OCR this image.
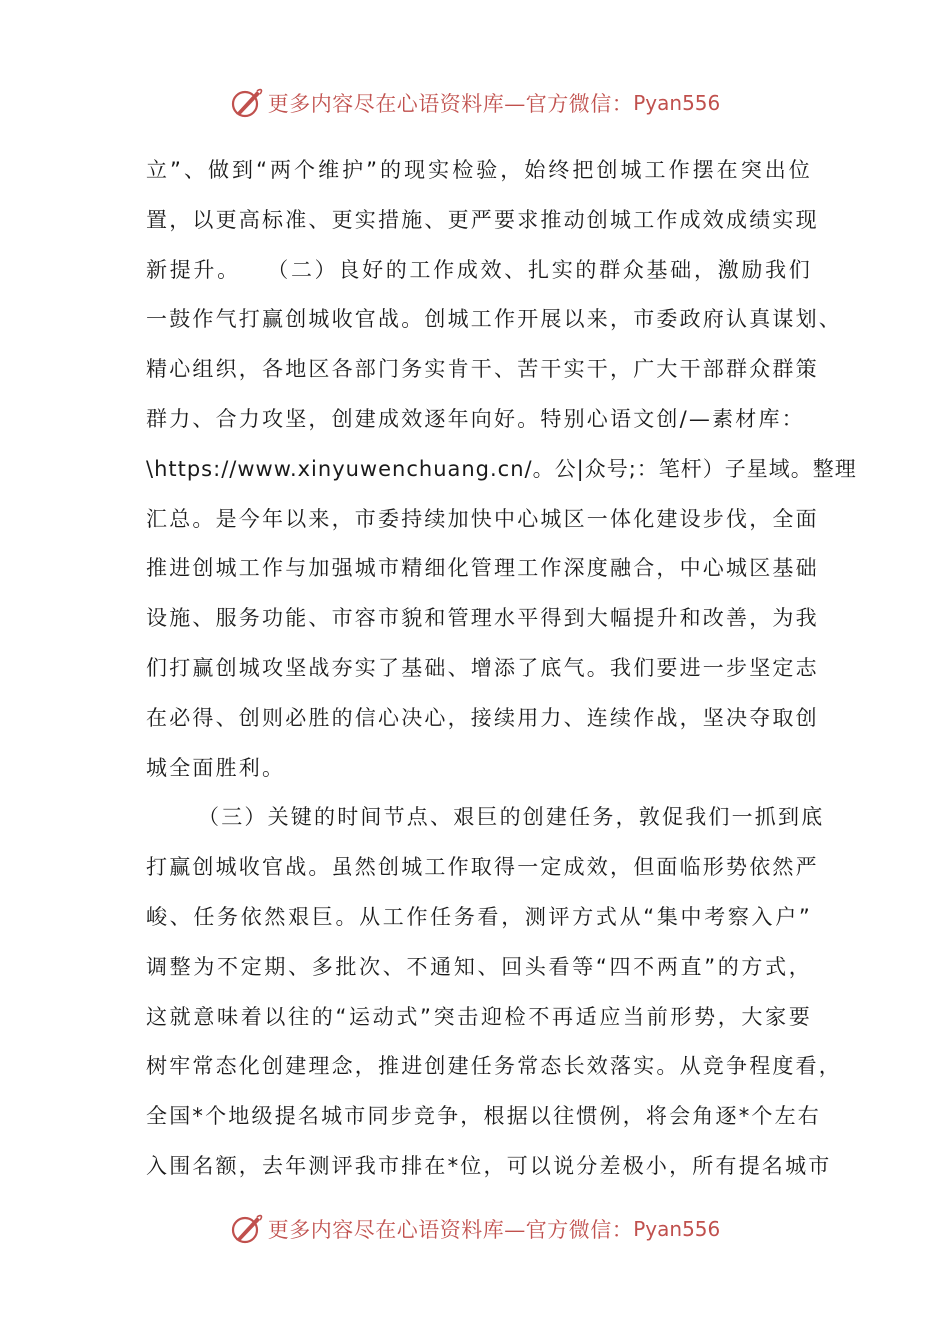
更多内容尽在心语资料库—官方微信： Pyan556
立”、做到“两个维护”的现实检验，始终把创城工作摆在突出位
置，以更高标准、更实措施、更严要求推动创城工作成效成绩实现
新提升。　　（二）良好的工作成效、扎实的群众基础，激励我们
一鼓作气打赢创城收官战。创城工作开展以来，市委政府认真谋划、
精心组织，各地区各部门务实肯干、苦干实干，广大干部群众群策
群力、合力攻坚，创建成效逐年向好。特别心语文创/—素材库：
\https://www.xinyuwenchuang.cn/。公|众号;：笔杆）子星域。整理
汇总。是今年以来，市委持续加快中心城区一体化建设步伐，全面
推进创城工作与加强城市精细化管理工作深度融合，中心城区基础
设施、服务功能、市容市貌和管理水平得到大幅提升和改善，为我
们打赢创城攻坚战夯实了基础、增添了底气。我们要进一步坚定志
在必得、创则必胜的信心决心，接续用力、连续作战，坚决夺取创
城全面胜利。
（三）关键的时间节点、艰巨的创建任务，敦促我们一抓到底
打赢创城收官战。虽然创城工作取得一定成效，但面临形势依然严
峻、任务依然艰巨。从工作任务看，测评方式从“集中考察入户”
调整为不定期、多批次、不通知、回头看等“四不两直”的方式，
这就意味着以往的“运动式”突击迎检不再适应当前形势，大家要
树牢常态化创建理念，推进创建任务常态长效落实。从竞争程度看，
全国*个地级提名城市同步竞争，根据以往惯例，将会角逐*个左右
入围名额，去年测评我市排在*位，可以说分差极小，所有提名城市
更多内容尽在心语资料库—官方微信： Pyan556
